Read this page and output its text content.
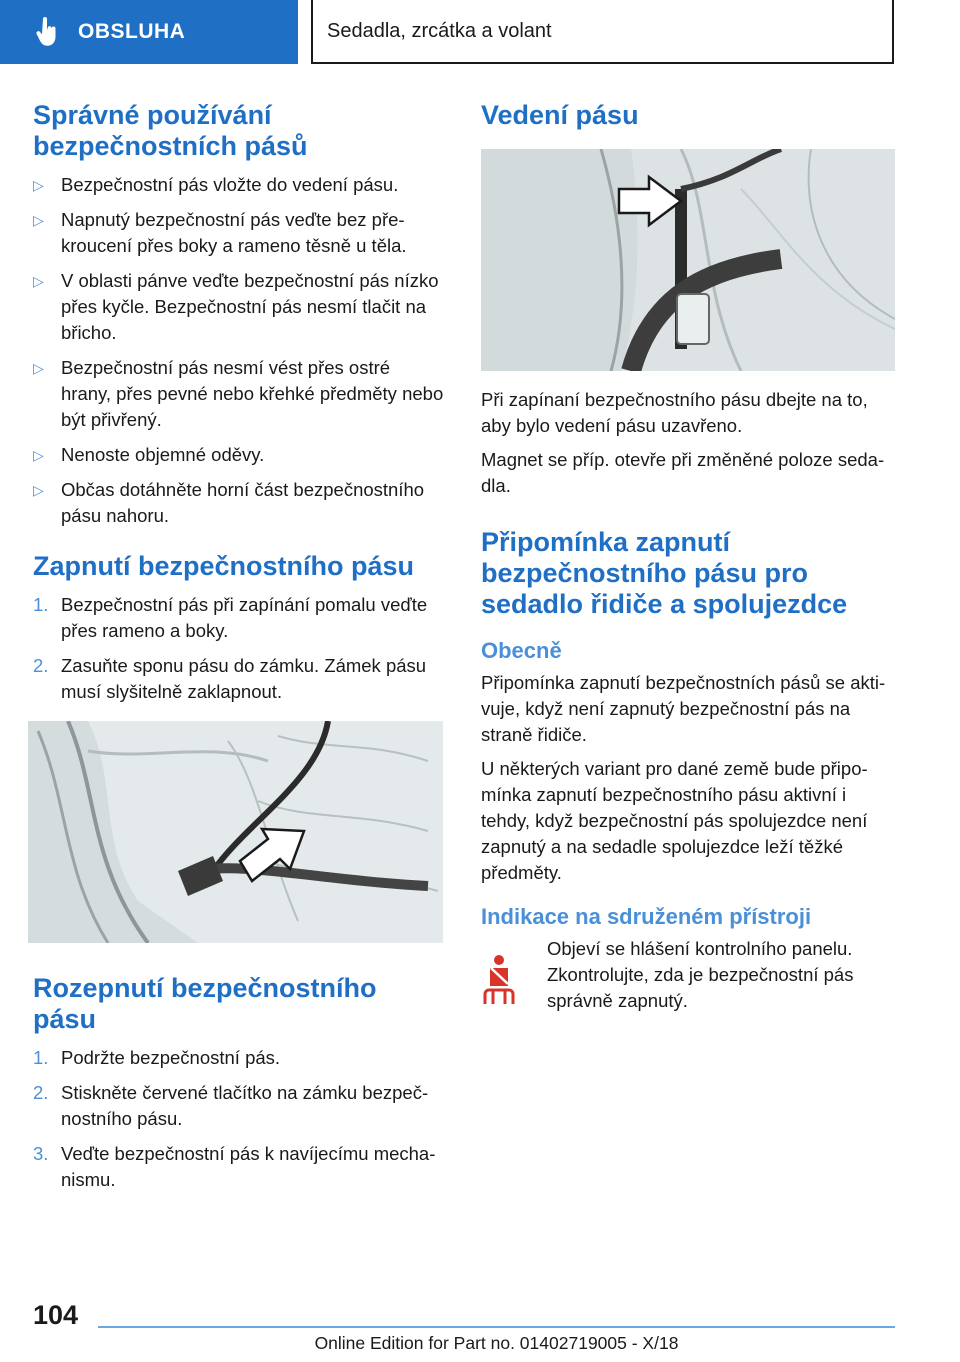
OBSLUHA	Sedadla, zrcátka a volant
Správné používání
bezpečnostních pásů
▷ Bezpečnostní pás vložte do vedení pásu.
▷ Napnutý bezpečnostní pás veďte bez překroucení přes boky a rameno těsně u těla.
▷ V oblasti pánve veďte bezpečnostní pás nízko přes kyčle. Bezpečnostní pás nesmí tlačit na břicho.
▷ Bezpečnostní pás nesmí vést přes ostré hrany, přes pevné nebo křehké předměty nebo být přivřený.
▷ Nenoste objemné oděvy.
▷ Občas dotáhněte horní část bezpečnostního pásu nahoru.
Zapnutí bezpečnostního pásu
1. Bezpečnostní pás při zapínání pomalu veďte přes rameno a boky.
2. Zasuňte sponu pásu do zámku. Zámek pásu musí slyšitelně zaklapnout.
Rozepnutí bezpečnostního pásu
1. Podržte bezpečnostní pás.
2. Stiskněte červené tlačítko na zámku bezpečnostního pásu.
3. Veďte bezpečnostní pás k navíjecímu mechanismu.
Vedení pásu

Při zapínaní bezpečnostního pásu dbejte na to, aby bylo vedení pásu uzavřeno.

Magnet se příp. otevře při změněné poloze sedadla.

Připomínka zapnutí
bezpečnostního pásu pro
sedadlo řidiče a spolujezdce
Obecně

Připomínka zapnutí bezpečnostních pásů se aktivuje, když není zapnutý bezpečnostní pás na straně řidiče.

U některých variant pro dané země bude připomínka zapnutí bezpečnostního pásu aktivní i tehdy, když bezpečnostní pás spolujezdce není zapnutý a na sedadle spolujezdce leží těžké předměty.

Indikace na sdruženém přístroji

Objeví se hlášení kontrolního panelu. Zkontrolujte, zda je bezpečnostní pás správně zapnutý.

104
Online Edition for Part no. 01402719005 - X/18
